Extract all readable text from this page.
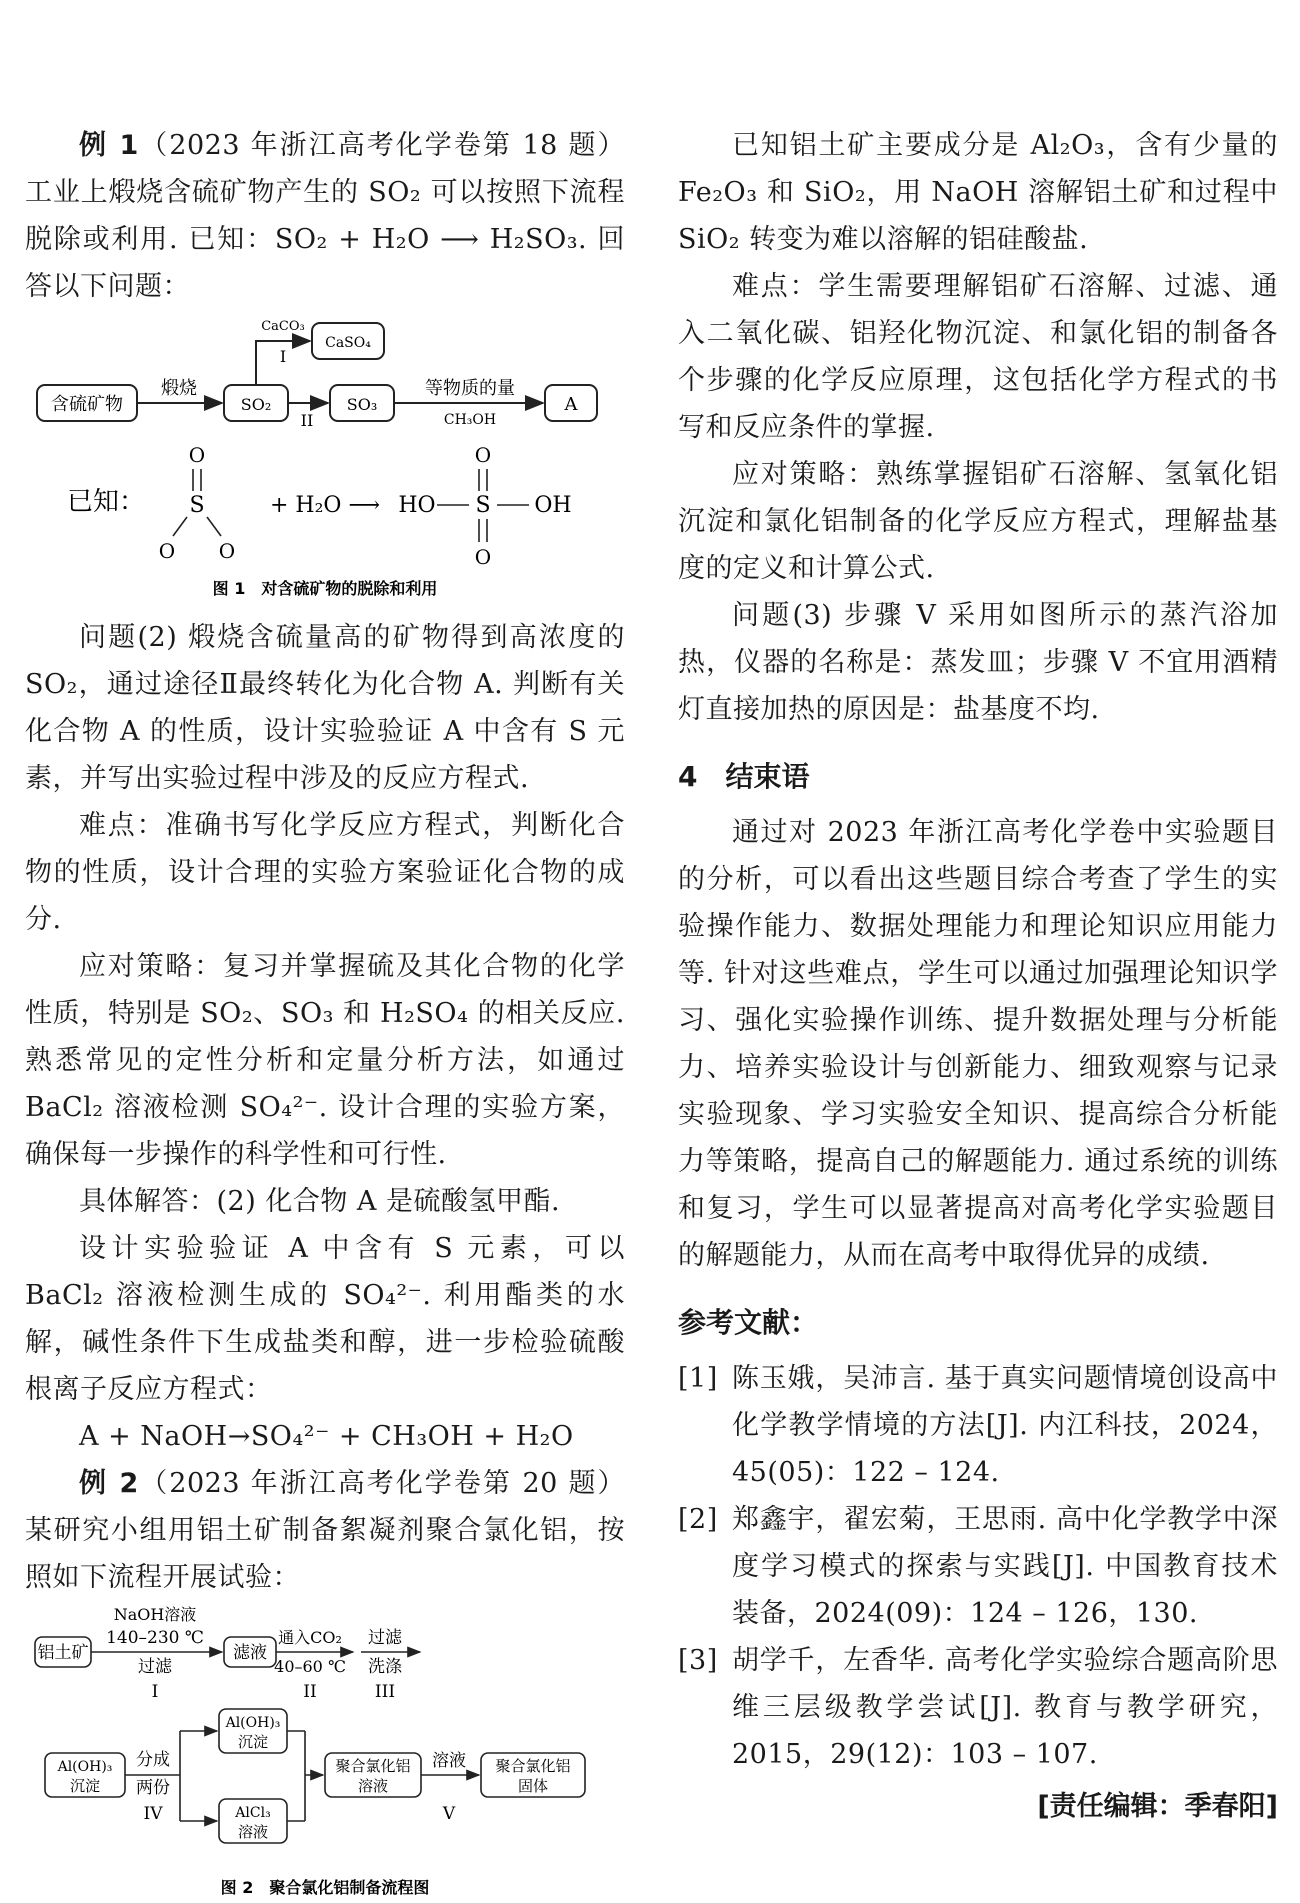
例 1（2023 年浙江高考化学卷第 18 题）工业上煅烧含硫矿物产生的 SO₂ 可以按照下流程脱除或利用. 已知：SO₂ + H₂O ⟶ H₂SO₃. 回答以下问题：

含硫矿物
煅烧
SO₂
CaCO₃
I
CaSO₄
II
SO₃
等物质的量
CH₃OH
A
已知：
O
S
O O
+ H₂O ⟶ HO S OH
O
O
图 1　对含硫矿物的脱除和利用

问题(2) 煅烧含硫量高的矿物得到高浓度的 SO₂，通过途径Ⅱ最终转化为化合物 A. 判断有关化合物 A 的性质，设计实验验证 A 中含有 S 元素，并写出实验过程中涉及的反应方程式.

难点：准确书写化学反应方程式，判断化合物的性质，设计合理的实验方案验证化合物的成分.

应对策略：复习并掌握硫及其化合物的化学性质，特别是 SO₂、SO₃ 和 H₂SO₄ 的相关反应. 熟悉常见的定性分析和定量分析方法，如通过 BaCl₂ 溶液检测 SO₄²⁻. 设计合理的实验方案，确保每一步操作的科学性和可行性.

具体解答：(2) 化合物 A 是硫酸氢甲酯.

设计实验验证 A 中含有 S 元素，可以 BaCl₂ 溶液检测生成的 SO₄²⁻. 利用酯类的水解，碱性条件下生成盐类和醇，进一步检验硫酸根离子反应方程式：

A + NaOH→SO₄²⁻ + CH₃OH + H₂O

例 2（2023 年浙江高考化学卷第 20 题）某研究小组用铝土矿制备絮凝剂聚合氯化铝，按照如下流程开展试验：

铝土矿
NaOH溶液
140–230 ℃
过滤
I
滤液
通入CO₂
40–60 ℃
II
过滤
洗涤
III
Al(OH)₃
沉淀
分成
两份
IV
Al(OH)₃
沉淀
AlCl₃
溶液
聚合氯化铝
溶液
溶液
V
聚合氯化铝
固体
图 2　聚合氯化铝制备流程图

已知铝土矿主要成分是 Al₂O₃，含有少量的 Fe₂O₃ 和 SiO₂，用 NaOH 溶解铝土矿和过程中 SiO₂ 转变为难以溶解的铝硅酸盐.

难点：学生需要理解铝矿石溶解、过滤、通入二氧化碳、铝羟化物沉淀、和氯化铝的制备各个步骤的化学反应原理，这包括化学方程式的书写和反应条件的掌握.

应对策略：熟练掌握铝矿石溶解、氢氧化铝沉淀和氯化铝制备的化学反应方程式，理解盐基度的定义和计算公式.

问题(3) 步骤 V 采用如图所示的蒸汽浴加热，仪器的名称是：蒸发皿；步骤 V 不宜用酒精灯直接加热的原因是：盐基度不均.

4　结束语

通过对 2023 年浙江高考化学卷中实验题目的分析，可以看出这些题目综合考查了学生的实验操作能力、数据处理能力和理论知识应用能力等. 针对这些难点，学生可以通过加强理论知识学习、强化实验操作训练、提升数据处理与分析能力、培养实验设计与创新能力、细致观察与记录实验现象、学习实验安全知识、提高综合分析能力等策略，提高自己的解题能力. 通过系统的训练和复习，学生可以显著提高对高考化学实验题目的解题能力，从而在高考中取得优异的成绩.

参考文献：

[1] 陈玉娥，吴沛言. 基于真实问题情境创设高中化学教学情境的方法[J]. 内江科技，2024，45(05)：122 – 124.

[2] 郑鑫宇，翟宏菊，王思雨. 高中化学教学中深度学习模式的探索与实践[J]. 中国教育技术装备，2024(09)：124 – 126，130.

[3] 胡学千，左香华. 高考化学实验综合题高阶思维三层级教学尝试[J]. 教育与教学研究，2015，29(12)：103 – 107.

[责任编辑：季春阳]
